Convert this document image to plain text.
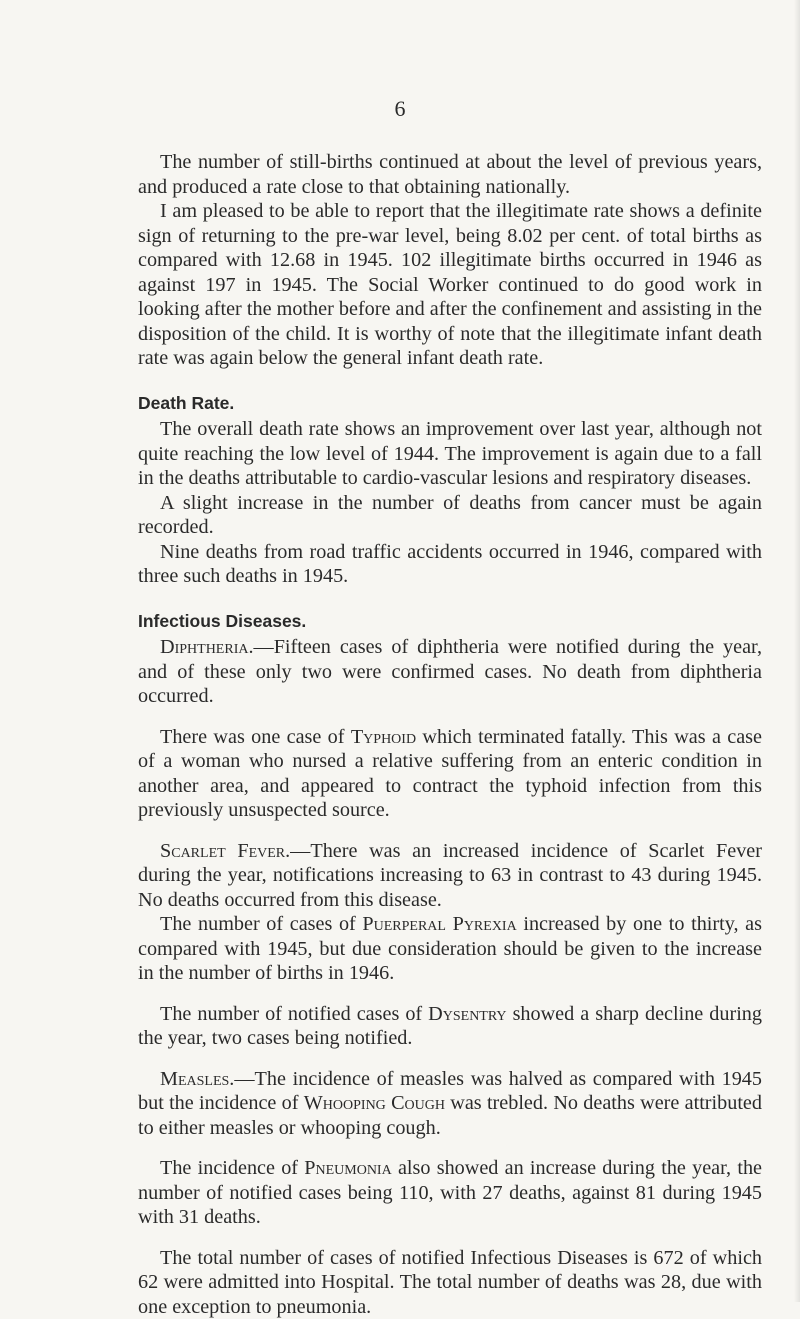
6

The number of still-births continued at about the level of previous years, and produced a rate close to that obtaining nationally.

I am pleased to be able to report that the illegitimate rate shows a definite sign of returning to the pre-war level, being 8.02 per cent. of total births as compared with 12.68 in 1945. 102 illegitimate births occurred in 1946 as against 197 in 1945. The Social Worker continued to do good work in looking after the mother before and after the confinement and assisting in the disposition of the child. It is worthy of note that the illegitimate infant death rate was again below the general infant death rate.

Death Rate.

The overall death rate shows an improvement over last year, although not quite reaching the low level of 1944. The improvement is again due to a fall in the deaths attributable to cardio-vascular lesions and respiratory diseases.

A slight increase in the number of deaths from cancer must be again recorded.

Nine deaths from road traffic accidents occurred in 1946, compared with three such deaths in 1945.

Infectious Diseases.

Diphtheria.—Fifteen cases of diphtheria were notified during the year, and of these only two were confirmed cases. No death from diphtheria occurred.

There was one case of Typhoid which terminated fatally. This was a case of a woman who nursed a relative suffering from an enteric condition in another area, and appeared to contract the typhoid infection from this previously unsuspected source.

Scarlet Fever.—There was an increased incidence of Scarlet Fever during the year, notifications increasing to 63 in contrast to 43 during 1945. No deaths occurred from this disease.

The number of cases of Puerperal Pyrexia increased by one to thirty, as compared with 1945, but due consideration should be given to the increase in the number of births in 1946.

The number of notified cases of Dysentry showed a sharp decline during the year, two cases being notified.

Measles.—The incidence of measles was halved as compared with 1945 but the incidence of Whooping Cough was trebled. No deaths were attributed to either measles or whooping cough.

The incidence of Pneumonia also showed an increase during the year, the number of notified cases being 110, with 27 deaths, against 81 during 1945 with 31 deaths.

The total number of cases of notified Infectious Diseases is 672 of which 62 were admitted into Hospital. The total number of deaths was 28, due with one exception to pneumonia.
